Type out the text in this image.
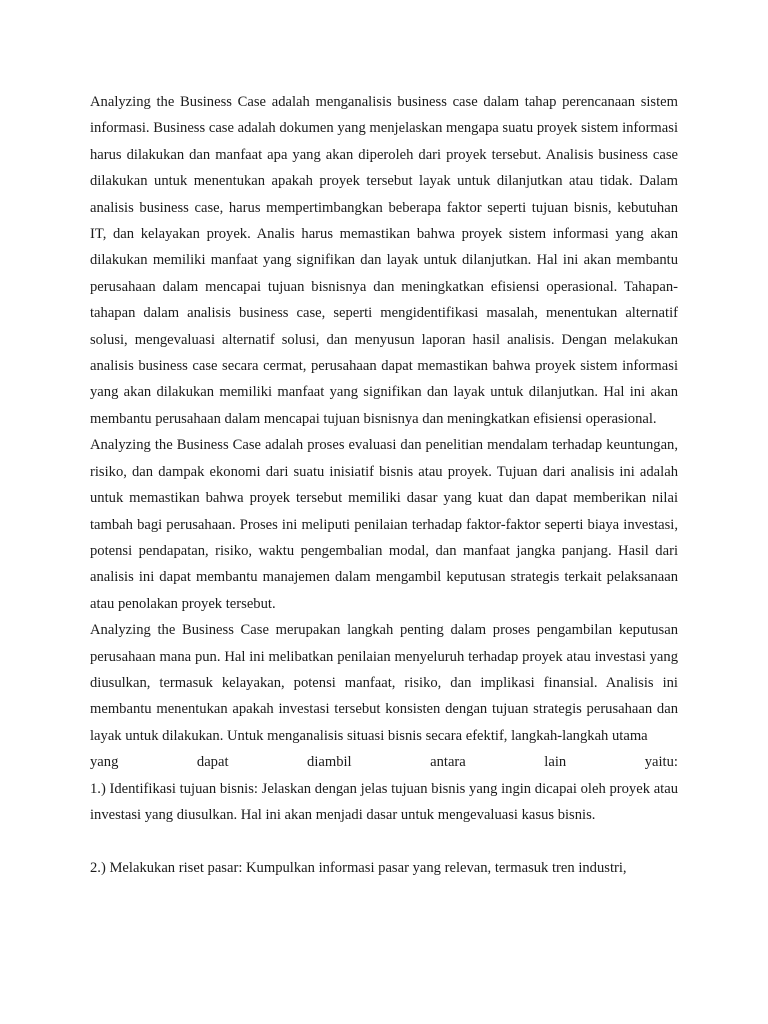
Analyzing the Business Case adalah menganalisis business case dalam tahap perencanaan sistem informasi. Business case adalah dokumen yang menjelaskan mengapa suatu proyek sistem informasi harus dilakukan dan manfaat apa yang akan diperoleh dari proyek tersebut. Analisis business case dilakukan untuk menentukan apakah proyek tersebut layak untuk dilanjutkan atau tidak. Dalam analisis business case, harus mempertimbangkan beberapa faktor seperti tujuan bisnis, kebutuhan IT, dan kelayakan proyek. Analis harus memastikan bahwa proyek sistem informasi yang akan dilakukan memiliki manfaat yang signifikan dan layak untuk dilanjutkan. Hal ini akan membantu perusahaan dalam mencapai tujuan bisnisnya dan meningkatkan efisiensi operasional. Tahapan-tahapan dalam analisis business case, seperti mengidentifikasi masalah, menentukan alternatif solusi, mengevaluasi alternatif solusi, dan menyusun laporan hasil analisis. Dengan melakukan analisis business case secara cermat, perusahaan dapat memastikan bahwa proyek sistem informasi yang akan dilakukan memiliki manfaat yang signifikan dan layak untuk dilanjutkan. Hal ini akan membantu perusahaan dalam mencapai tujuan bisnisnya dan meningkatkan efisiensi operasional.

Analyzing the Business Case adalah proses evaluasi dan penelitian mendalam terhadap keuntungan, risiko, dan dampak ekonomi dari suatu inisiatif bisnis atau proyek. Tujuan dari analisis ini adalah untuk memastikan bahwa proyek tersebut memiliki dasar yang kuat dan dapat memberikan nilai tambah bagi perusahaan. Proses ini meliputi penilaian terhadap faktor-faktor seperti biaya investasi, potensi pendapatan, risiko, waktu pengembalian modal, dan manfaat jangka panjang. Hasil dari analisis ini dapat membantu manajemen dalam mengambil keputusan strategis terkait pelaksanaan atau penolakan proyek tersebut.

Analyzing the Business Case merupakan langkah penting dalam proses pengambilan keputusan perusahaan mana pun. Hal ini melibatkan penilaian menyeluruh terhadap proyek atau investasi yang diusulkan, termasuk kelayakan, potensi manfaat, risiko, dan implikasi finansial. Analisis ini membantu menentukan apakah investasi tersebut konsisten dengan tujuan strategis perusahaan dan layak untuk dilakukan. Untuk menganalisis situasi bisnis secara efektif, langkah-langkah utama

yang	dapat	diambil	antara	lain	yaitu:

1.) Identifikasi tujuan bisnis: Jelaskan dengan jelas tujuan bisnis yang ingin dicapai oleh proyek atau investasi yang diusulkan. Hal ini akan menjadi dasar untuk mengevaluasi kasus bisnis.

2.) Melakukan riset pasar: Kumpulkan informasi pasar yang relevan, termasuk tren industri,
